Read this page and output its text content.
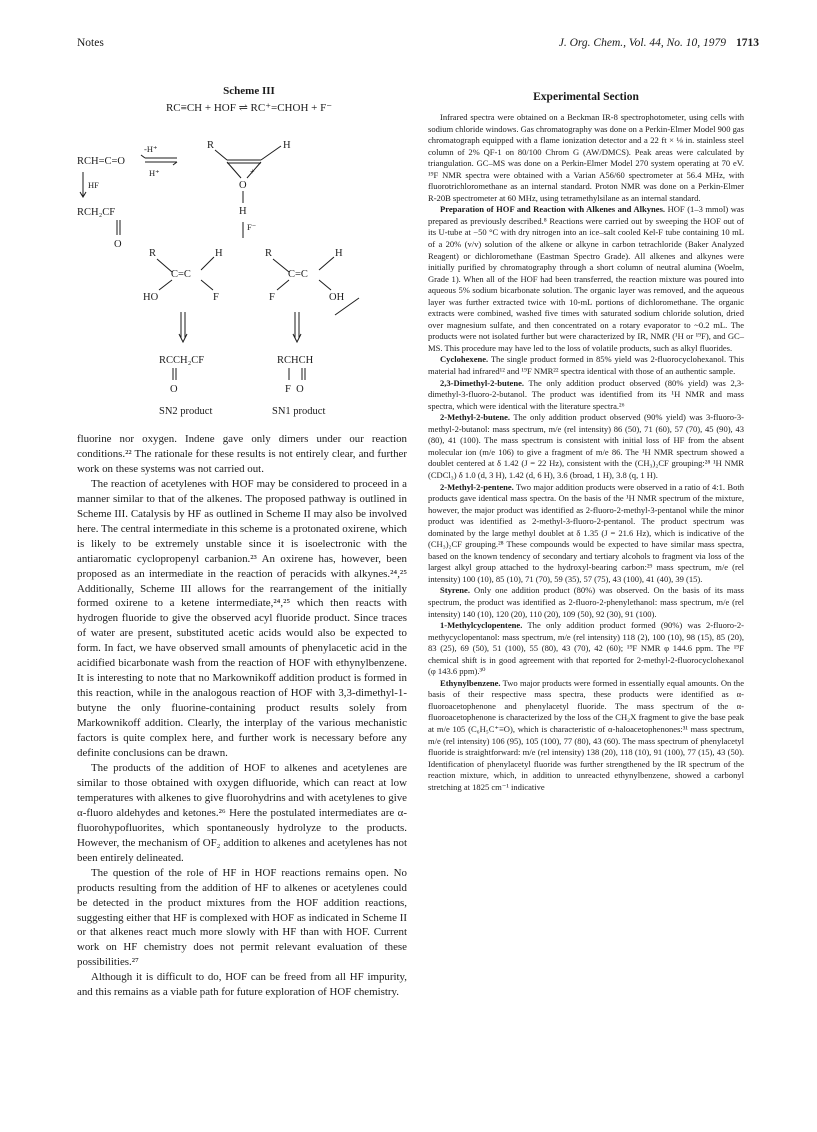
Notes	J. Org. Chem., Vol. 44, No. 10, 1979 1713
Scheme III
RC≡CH + HOF ⇌ RC⁺=CHOH + F⁻
RCH=C=O
-H⁺
H⁺
HF
RCH₂CF
O
R	H
+
O
H
F⁻
R	H
C=C
HO	F
R	H
C=C
F	OH
RCCH₂CF
O
SN2 product
RCHCH
F  O
SN1 product

fluorine nor oxygen. Indene gave only dimers under our reaction conditions.²² The rationale for these results is not entirely clear, and further work on these systems was not carried out.

The reaction of acetylenes with HOF may be considered to proceed in a manner similar to that of the alkenes. The proposed pathway is outlined in Scheme III. Catalysis by HF as outlined in Scheme II may also be involved here. The central intermediate in this scheme is a protonated oxirene, which is likely to be extremely unstable since it is isoelectronic with the antiaromatic cyclopropenyl carbanion.²³ An oxirene has, however, been proposed as an intermediate in the reaction of peracids with alkynes.²⁴,²⁵ Additionally, Scheme III allows for the rearrangement of the initially formed oxirene to a ketene intermediate,²⁴,²⁵ which then reacts with hydrogen fluoride to give the observed acyl fluoride product. Since traces of water are present, substituted acetic acids would also be expected to form. In fact, we have observed small amounts of phenylacetic acid in the acidified bicarbonate wash from the reaction of HOF with ethynylbenzene. It is interesting to note that no Markownikoff addition product is formed in this reaction, while in the analogous reaction of HOF with 3,3-dimethyl-1-butyne the only fluorine-containing product results solely from Markownikoff addition. Clearly, the interplay of the various mechanistic factors is quite complex here, and further work is necessary before any definite conclusions can be drawn.

The products of the addition of HOF to alkenes and acetylenes are similar to those obtained with oxygen difluoride, which can react at low temperatures with alkenes to give fluorohydrins and with acetylenes to give α-fluoro aldehydes and ketones.²⁶ Here the postulated intermediates are α-fluorohypofluorites, which spontaneously hydrolyze to the products. However, the mechanism of OF₂ addition to alkenes and acetylenes has not been entirely delineated.

The question of the role of HF in HOF reactions remains open. No products resulting from the addition of HF to alkenes or acetylenes could be detected in the product mixtures from the HOF addition reactions, suggesting either that HF is complexed with HOF as indicated in Scheme II or that alkenes react much more slowly with HF than with HOF. Current work on HF chemistry does not permit relevant evaluation of these possibilities.²⁷

Although it is difficult to do, HOF can be freed from all HF impurity, and this remains as a viable path for future exploration of HOF chemistry.

Experimental Section

Infrared spectra were obtained on a Beckman IR-8 spectrophotometer, using cells with sodium chloride windows. Gas chromatography was done on a Perkin-Elmer Model 900 gas chromatograph equipped with a flame ionization detector and a 22 ft × ⅛ in. stainless steel column of 2% QF-1 on 80/100 Chrom G (AW/DMCS). Peak areas were calculated by triangulation. GC–MS was done on a Perkin-Elmer Model 270 system operating at 70 eV. ¹⁹F NMR spectra were obtained with a Varian A56/60 spectrometer at 56.4 MHz, with fluorotrichloromethane as an internal standard. Proton NMR was done on a Perkin-Elmer R-20B spectrometer at 60 MHz, using tetramethylsilane as an internal standard.

Preparation of HOF and Reaction with Alkenes and Alkynes. HOF (1–3 mmol) was prepared as previously described.⁸ Reactions were carried out by sweeping the HOF out of its U-tube at −50 °C with dry nitrogen into an ice–salt cooled Kel-F tube containing 10 mL of a 20% (v/v) solution of the alkene or alkyne in carbon tetrachloride (Baker Analyzed Reagent) or dichloromethane (Eastman Spectro Grade). All alkenes and alkynes were initially purified by chromatography through a short column of neutral alumina (Woelm, Grade 1). When all of the HOF had been transferred, the reaction mixture was poured into aqueous 5% sodium bicarbonate solution. The organic layer was removed, and the aqueous layer was further extracted twice with 10-mL portions of dichloromethane. The organic extracts were combined, washed five times with saturated sodium chloride solution, dried over magnesium sulfate, and then concentrated on a rotary evaporator to ~0.2 mL. The products were not isolated further but were characterized by IR, NMR (¹H or ¹⁹F), and GC–MS. This procedure may have led to the loss of volatile products, such as alkyl fluorides.

Cyclohexene. The single product formed in 85% yield was 2-fluorocyclohexanol. This material had infrared¹² and ¹⁹F NMR²² spectra identical with those of an authentic sample.

2,3-Dimethyl-2-butene. The only addition product observed (80% yield) was 2,3-dimethyl-3-fluoro-2-butanol. The product was identified from its ¹H NMR and mass spectra, which were identical with the literature spectra.²⁶

2-Methyl-2-butene. The only addition product observed (90% yield) was 3-fluoro-3-methyl-2-butanol: mass spectrum, m/e (rel intensity) 86 (50), 71 (60), 57 (70), 45 (90), 43 (80), 41 (100). The mass spectrum is consistent with initial loss of HF from the absent molecular ion (m/e 106) to give a fragment of m/e 86. The ¹H NMR spectrum showed a doublet centered at δ 1.42 (J = 22 Hz), consistent with the (CH₃)₂CF grouping:²⁸ ¹H NMR (CDCl₃) δ 1.0 (d, 3 H), 1.42 (d, 6 H), 3.6 (broad, 1 H), 3.8 (q, 1 H).

2-Methyl-2-pentene. Two major addition products were observed in a ratio of 4:1. Both products gave identical mass spectra. On the basis of the ¹H NMR spectrum of the mixture, however, the major product was identified as 2-fluoro-2-methyl-3-pentanol while the minor product was identified as 2-methyl-3-fluoro-2-pentanol. The product spectrum was dominated by the large methyl doublet at δ 1.35 (J = 21.6 Hz), which is indicative of the (CH₃)₂CF grouping.²⁸ These compounds would be expected to have similar mass spectra, based on the known tendency of secondary and tertiary alcohols to fragment via loss of the largest alkyl group attached to the hydroxyl-bearing carbon:²⁹ mass spectrum, m/e (rel intensity) 100 (10), 85 (10), 71 (70), 59 (35), 57 (75), 43 (100), 41 (40), 39 (15).

Styrene. Only one addition product (80%) was observed. On the basis of its mass spectrum, the product was identified as 2-fluoro-2-phenylethanol: mass spectrum, m/e (rel intensity) 140 (10), 120 (20), 110 (20), 109 (50), 92 (30), 91 (100).

1-Methylcyclopentene. The only addition product formed (90%) was 2-fluoro-2-methycyclopentanol: mass spectrum, m/e (rel intensity) 118 (2), 100 (10), 98 (15), 85 (20), 83 (25), 69 (50), 51 (100), 55 (80), 43 (70), 42 (60); ¹⁹F NMR φ 144.6 ppm. The ¹⁹F chemical shift is in good agreement with that reported for 2-methyl-2-fluorocyclohexanol (φ 143.6 ppm).³⁰

Ethynylbenzene. Two major products were formed in essentially equal amounts. On the basis of their respective mass spectra, these products were identified as α-fluoroacetophenone and phenylacetyl fluoride. The mass spectrum of the α-fluoroacetophenone is characterized by the loss of the CH₂X fragment to give the base peak at m/e 105 (C₆H₅C⁺≡O), which is characteristic of α-haloacetophenones:³¹ mass spectrum, m/e (rel intensity) 106 (95), 105 (100), 77 (80), 43 (60). The mass spectrum of phenylacetyl fluoride is straightforward: m/e (rel intensity) 138 (20), 118 (10), 91 (100), 77 (15), 43 (50). Identification of phenylacetyl fluoride was further strengthened by the IR spectrum of the reaction mixture, which, in addition to unreacted ethynylbenzene, showed a carbonyl stretching at 1825 cm⁻¹ indicative
